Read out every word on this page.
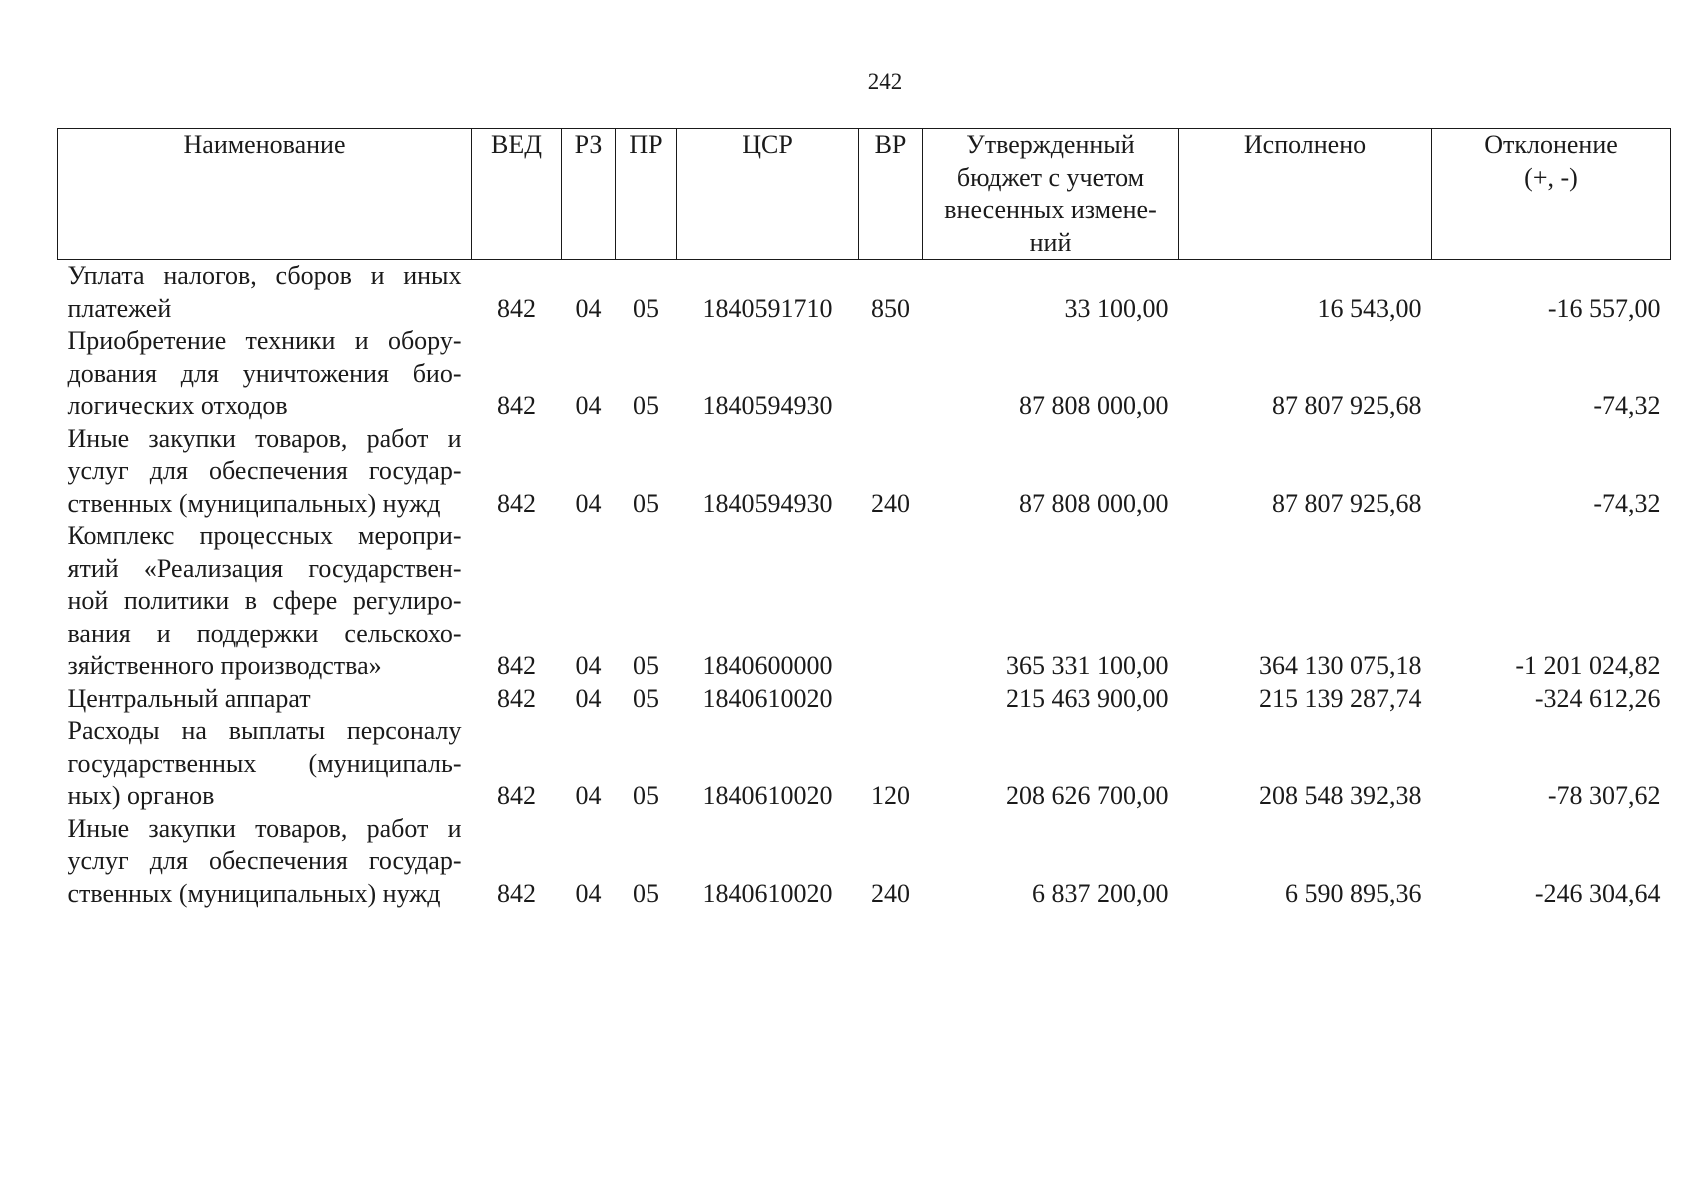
242
Наименование	ВЕД	РЗ	ПР	ЦСР	ВР	Утвержденный бюджет с учетом внесенных измене-ний	Исполнено	Отклонение (+, -)
Уплата налогов, сборов и иных платежей	842	04	05	1840591710	850	33 100,00	16 543,00	-16 557,00
Приобретение техники и обору-дования для уничтожения био-логических отходов	842	04	05	1840594930		87 808 000,00	87 807 925,68	-74,32
Иные закупки товаров, работ и услуг для обеспечения государ-ственных (муниципальных) нужд	842	04	05	1840594930	240	87 808 000,00	87 807 925,68	-74,32
Комплекс процессных меропри-ятий «Реализация государствен-ной политики в сфере регулиро-вания и поддержки сельскохо-зяйственного производства»	842	04	05	1840600000		365 331 100,00	364 130 075,18	-1 201 024,82
Центральный аппарат	842	04	05	1840610020		215 463 900,00	215 139 287,74	-324 612,26
Расходы на выплаты персоналу государственных (муниципаль-ных) органов	842	04	05	1840610020	120	208 626 700,00	208 548 392,38	-78 307,62
Иные закупки товаров, работ и услуг для обеспечения государ-ственных (муниципальных) нужд	842	04	05	1840610020	240	6 837 200,00	6 590 895,36	-246 304,64
